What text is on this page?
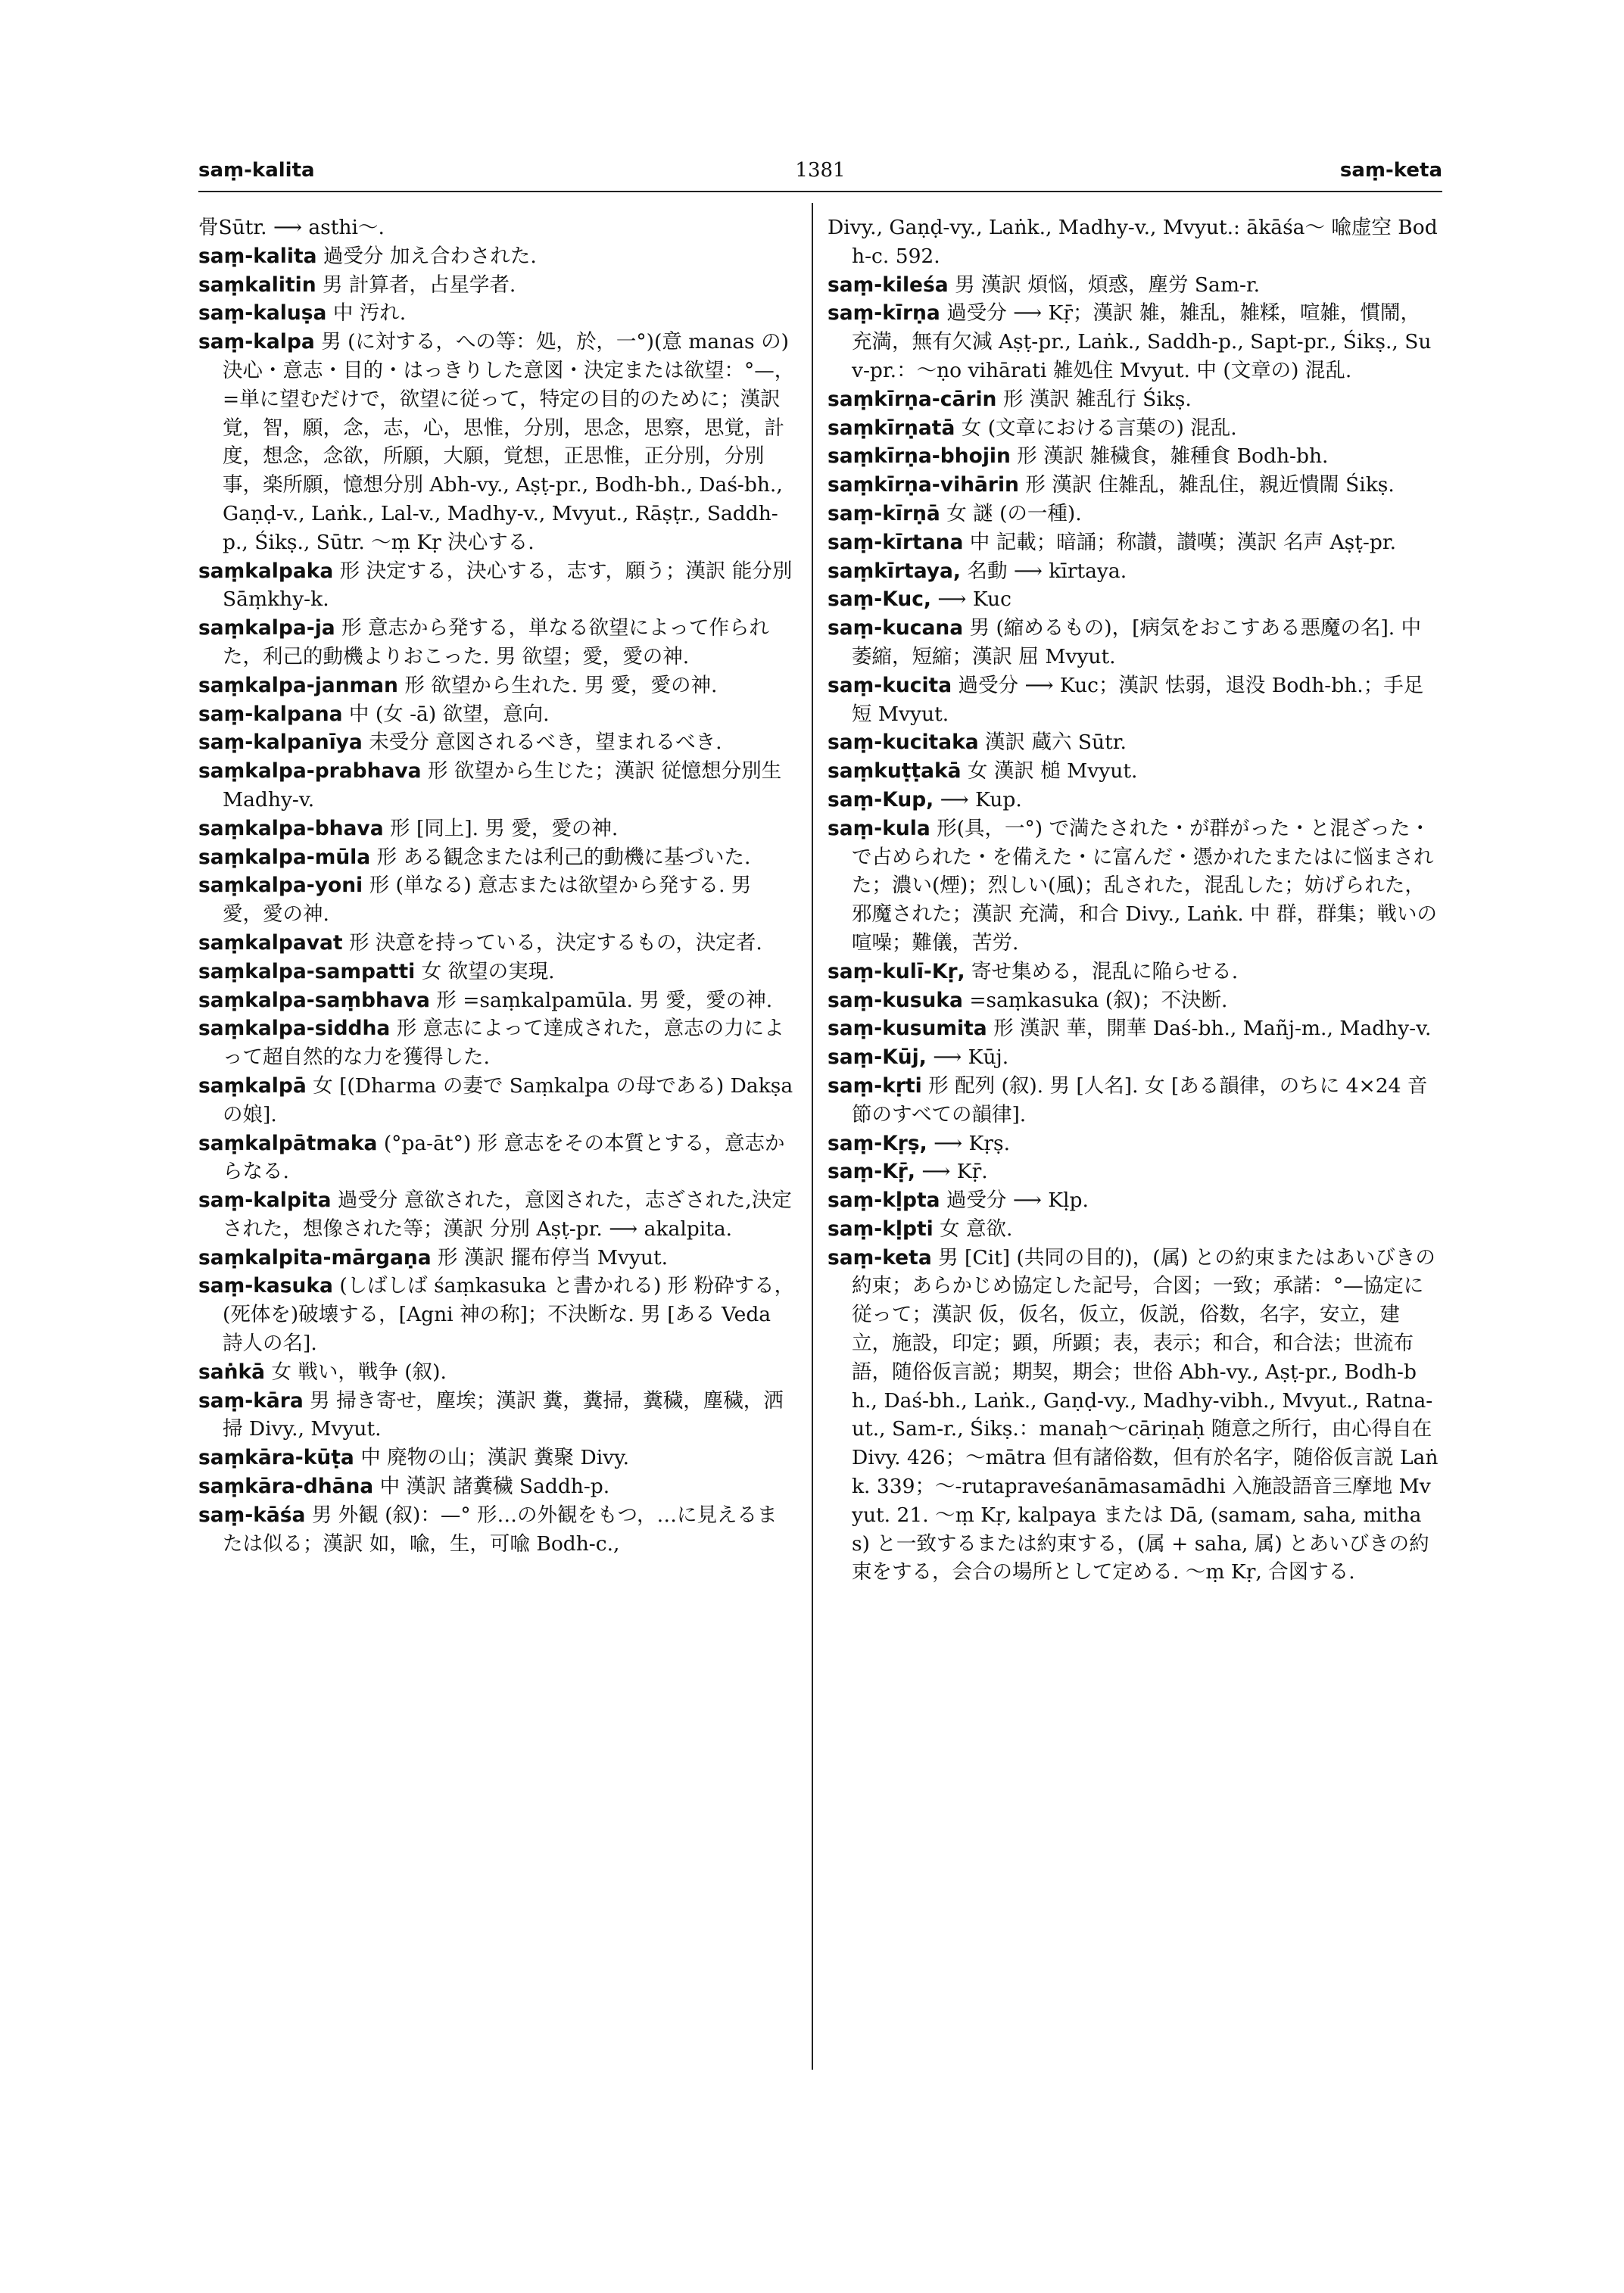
saṃ-kalita	1381	saṃ-keta

骨Sūtr. ⟶ asthi～.

saṃ-kalita 過受分 加え合わされた.

saṃkalitin 男 計算者，占星学者.

saṃ-kaluṣa 中 汚れ.

saṃ-kalpa 男 (に対する，への等：処，於，一°)(意 manas の) 決心・意志・目的・はっきりした意図・決定または欲望：°—，=単に望むだけで，欲望に従って，特定の目的のために；漢訳 覚，智，願，念，志，心，思惟，分別，思念，思察，思覚，計度，想念，念欲，所願，大願，覚想，正思惟，正分別，分別事，楽所願，憶想分別 Abh-vy., Aṣṭ-pr., Bodh-bh., Daś-bh., Gaṇḍ-v., Laṅk., Lal-v., Madhy-v., Mvyut., Rāṣṭr., Saddh-p., Śikṣ., Sūtr. ～ṃ Kṛ 決心する.

saṃkalpaka 形 決定する，決心する，志す，願う；漢訳 能分別 Sāṃkhy-k.

saṃkalpa-ja 形 意志から発する，単なる欲望によって作られた，利己的動機よりおこった. 男 欲望；愛，愛の神.

saṃkalpa-janman 形 欲望から生れた. 男 愛，愛の神.

saṃ-kalpana 中 (女 -ā) 欲望，意向.

saṃ-kalpanīya 未受分 意図されるべき，望まれるべき.

saṃkalpa-prabhava 形 欲望から生じた；漢訳 従憶想分別生 Madhy-v.

saṃkalpa-bhava 形 [同上]. 男 愛，愛の神.

saṃkalpa-mūla 形 ある観念または利己的動機に基づいた.

saṃkalpa-yoni 形 (単なる) 意志または欲望から発する. 男 愛，愛の神.

saṃkalpavat 形 決意を持っている，決定するもの，決定者.

saṃkalpa-sampatti 女 欲望の実現.

saṃkalpa-saṃbhava 形 =saṃkalpamūla. 男 愛，愛の神.

saṃkalpa-siddha 形 意志によって達成された，意志の力によって超自然的な力を獲得した.

saṃkalpā 女 [(Dharma の妻で Saṃkalpa の母である) Dakṣa の娘].

saṃkalpātmaka (°pa-āt°) 形 意志をその本質とする，意志からなる.

saṃ-kalpita 過受分 意欲された，意図された，志ざされた,決定された，想像された等；漢訳 分別 Aṣṭ-pr. ⟶ akalpita.

saṃkalpita-mārgaṇa 形 漢訳 擺布停当 Mvyut.

saṃ-kasuka (しばしば śaṃkasuka と書かれる) 形 粉砕する，(死体を)破壊する，[Agni 神の称]；不決断な. 男 [ある Veda 詩人の名].

saṅkā 女 戦い，戦争 (叙).

saṃ-kāra 男 掃き寄せ，塵埃；漢訳 糞，糞掃，糞穢，塵穢，洒掃 Divy., Mvyut.

saṃkāra-kūṭa 中 廃物の山；漢訳 糞聚 Divy.

saṃkāra-dhāna 中 漢訳 諸糞穢 Saddh-p.

saṃ-kāśa 男 外観 (叙)：—° 形…の外観をもつ，…に見えるまたは似る；漢訳 如，喩，生，可喩 Bodh-c.,

Divy., Gaṇḍ-vy., Laṅk., Madhy-v., Mvyut.: ākāśa～ 喩虚空 Bodh-c. 592.

saṃ-kileśa 男 漢訳 煩悩，煩惑，塵労 Sam-r.

saṃ-kīrṇa 過受分 ⟶ Kṝ；漢訳 雑，雑乱，雑糅，喧雑，慣鬧，充満，無有欠減 Aṣṭ-pr., Laṅk., Saddh-p., Sapt-pr., Śikṣ., Suv-pr.：～ṇo vihārati 雑処住 Mvyut. 中 (文章の) 混乱.

saṃkīrṇa-cārin 形 漢訳 雑乱行 Śikṣ.

saṃkīrṇatā 女 (文章における言葉の) 混乱.

saṃkīrṇa-bhojin 形 漢訳 雑穢食，雑種食 Bodh-bh.

saṃkīrṇa-vihārin 形 漢訳 住雑乱，雑乱住，親近憒閙 Śikṣ.

saṃ-kīrṇā 女 謎 (の一種).

saṃ-kīrtana 中 記載；暗誦；称讃，讃嘆；漢訳 名声 Aṣṭ-pr.

saṃkīrtaya, 名動 ⟶ kīrtaya.

saṃ-Kuc, ⟶ Kuc

saṃ-kucana 男 (縮めるもの)，[病気をおこすある悪魔の名]. 中 萎縮，短縮；漢訳 屈 Mvyut.

saṃ-kucita 過受分 ⟶ Kuc；漢訳 怯弱，退没 Bodh-bh.；手足短 Mvyut.

saṃ-kucitaka 漢訳 蔵六 Sūtr.

saṃkuṭṭakā 女 漢訳 槌 Mvyut.

saṃ-Kup, ⟶ Kup.

saṃ-kula 形(具，一°) で満たされた・が群がった・と混ざった・で占められた・を備えた・に富んだ・憑かれたまたはに悩まされた；濃い(煙)；烈しい(風)；乱された，混乱した；妨げられた，邪魔された；漢訳 充満，和合 Divy., Laṅk. 中 群，群集；戦いの喧噪；難儀，苦労.

saṃ-kulī-Kṛ, 寄せ集める，混乱に陥らせる.

saṃ-kusuka =saṃkasuka (叙)；不決断.

saṃ-kusumita 形 漢訳 華，開華 Daś-bh., Mañj-m., Madhy-v.

saṃ-Kūj, ⟶ Kūj.

saṃ-kṛti 形 配列 (叙). 男 [人名]. 女 [ある韻律，のちに 4×24 音節のすべての韻律].

saṃ-Kṛṣ, ⟶ Kṛṣ.

saṃ-Kṝ, ⟶ Kṝ.

saṃ-kḷpta 過受分 ⟶ Kḷp.

saṃ-kḷpti 女 意欲.

saṃ-keta 男 [Cit] (共同の目的)，(属) との約束またはあいびきの約束；あらかじめ協定した記号，合図；一致；承諾：°—協定に従って；漢訳 仮，仮名，仮立，仮説，俗数，名字，安立，建立，施設，印定；顕，所顕；表，表示；和合，和合法；世流布語，随俗仮言説；期契，期会；世俗 Abh-vy., Aṣṭ-pr., Bodh-bh., Daś-bh., Laṅk., Gaṇḍ-vy., Madhy-vibh., Mvyut., Ratna-ut., Sam-r., Śikṣ.：manaḥ～cāriṇaḥ 随意之所行，由心得自在 Divy. 426；～mātra 但有諸俗数，但有於名字，随俗仮言説 Laṅk. 339；～-rutapraveśanāmasamādhi 入施設語音三摩地 Mvyut. 21. ～ṃ Kṛ, kalpaya または Dā, (samam, saha, mithas) と一致するまたは約束する，(属 + saha, 属) とあいびきの約束をする，会合の場所として定める. ～ṃ Kṛ, 合図する.
